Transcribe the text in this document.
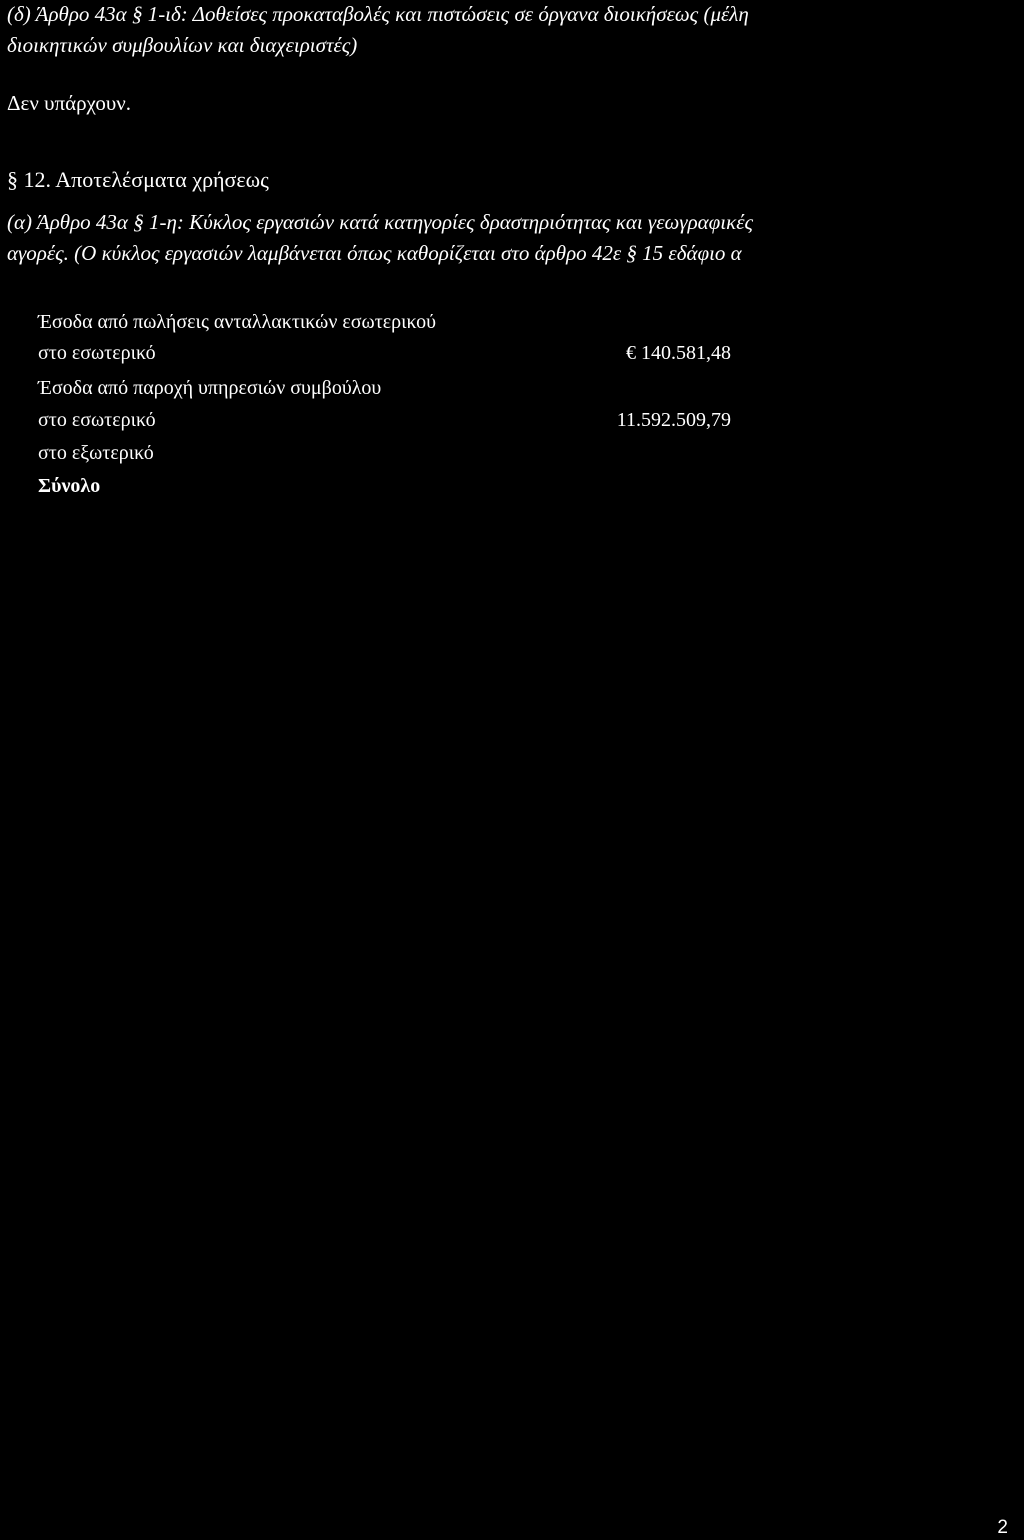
(δ) Άρθρο 43α § 1-ιδ: Δοθείσες προκαταβολές και πιστώσεις σε όργανα διοικήσεως (μέλη

διοικητικών συμβουλίων και διαχειριστές)

Δεν υπάρχουν.

§ 12. Αποτελέσματα χρήσεως

(α) Άρθρο 43α § 1-η: Κύκλος εργασιών κατά κατηγορίες δραστηριότητας και γεωγραφικές

αγορές. (Ο κύκλος εργασιών λαμβάνεται όπως καθορίζεται στο άρθρο 42ε § 15 εδάφιο α

Έσοδα από πωλήσεις ανταλλακτικών εσωτερικού
στο εσωτερικό	€ 140.581,48
Έσοδα από παροχή υπηρεσιών συμβούλου
στο εσωτερικό	11.592.509,79
στο εξωτερικό
Σύνολο
2
